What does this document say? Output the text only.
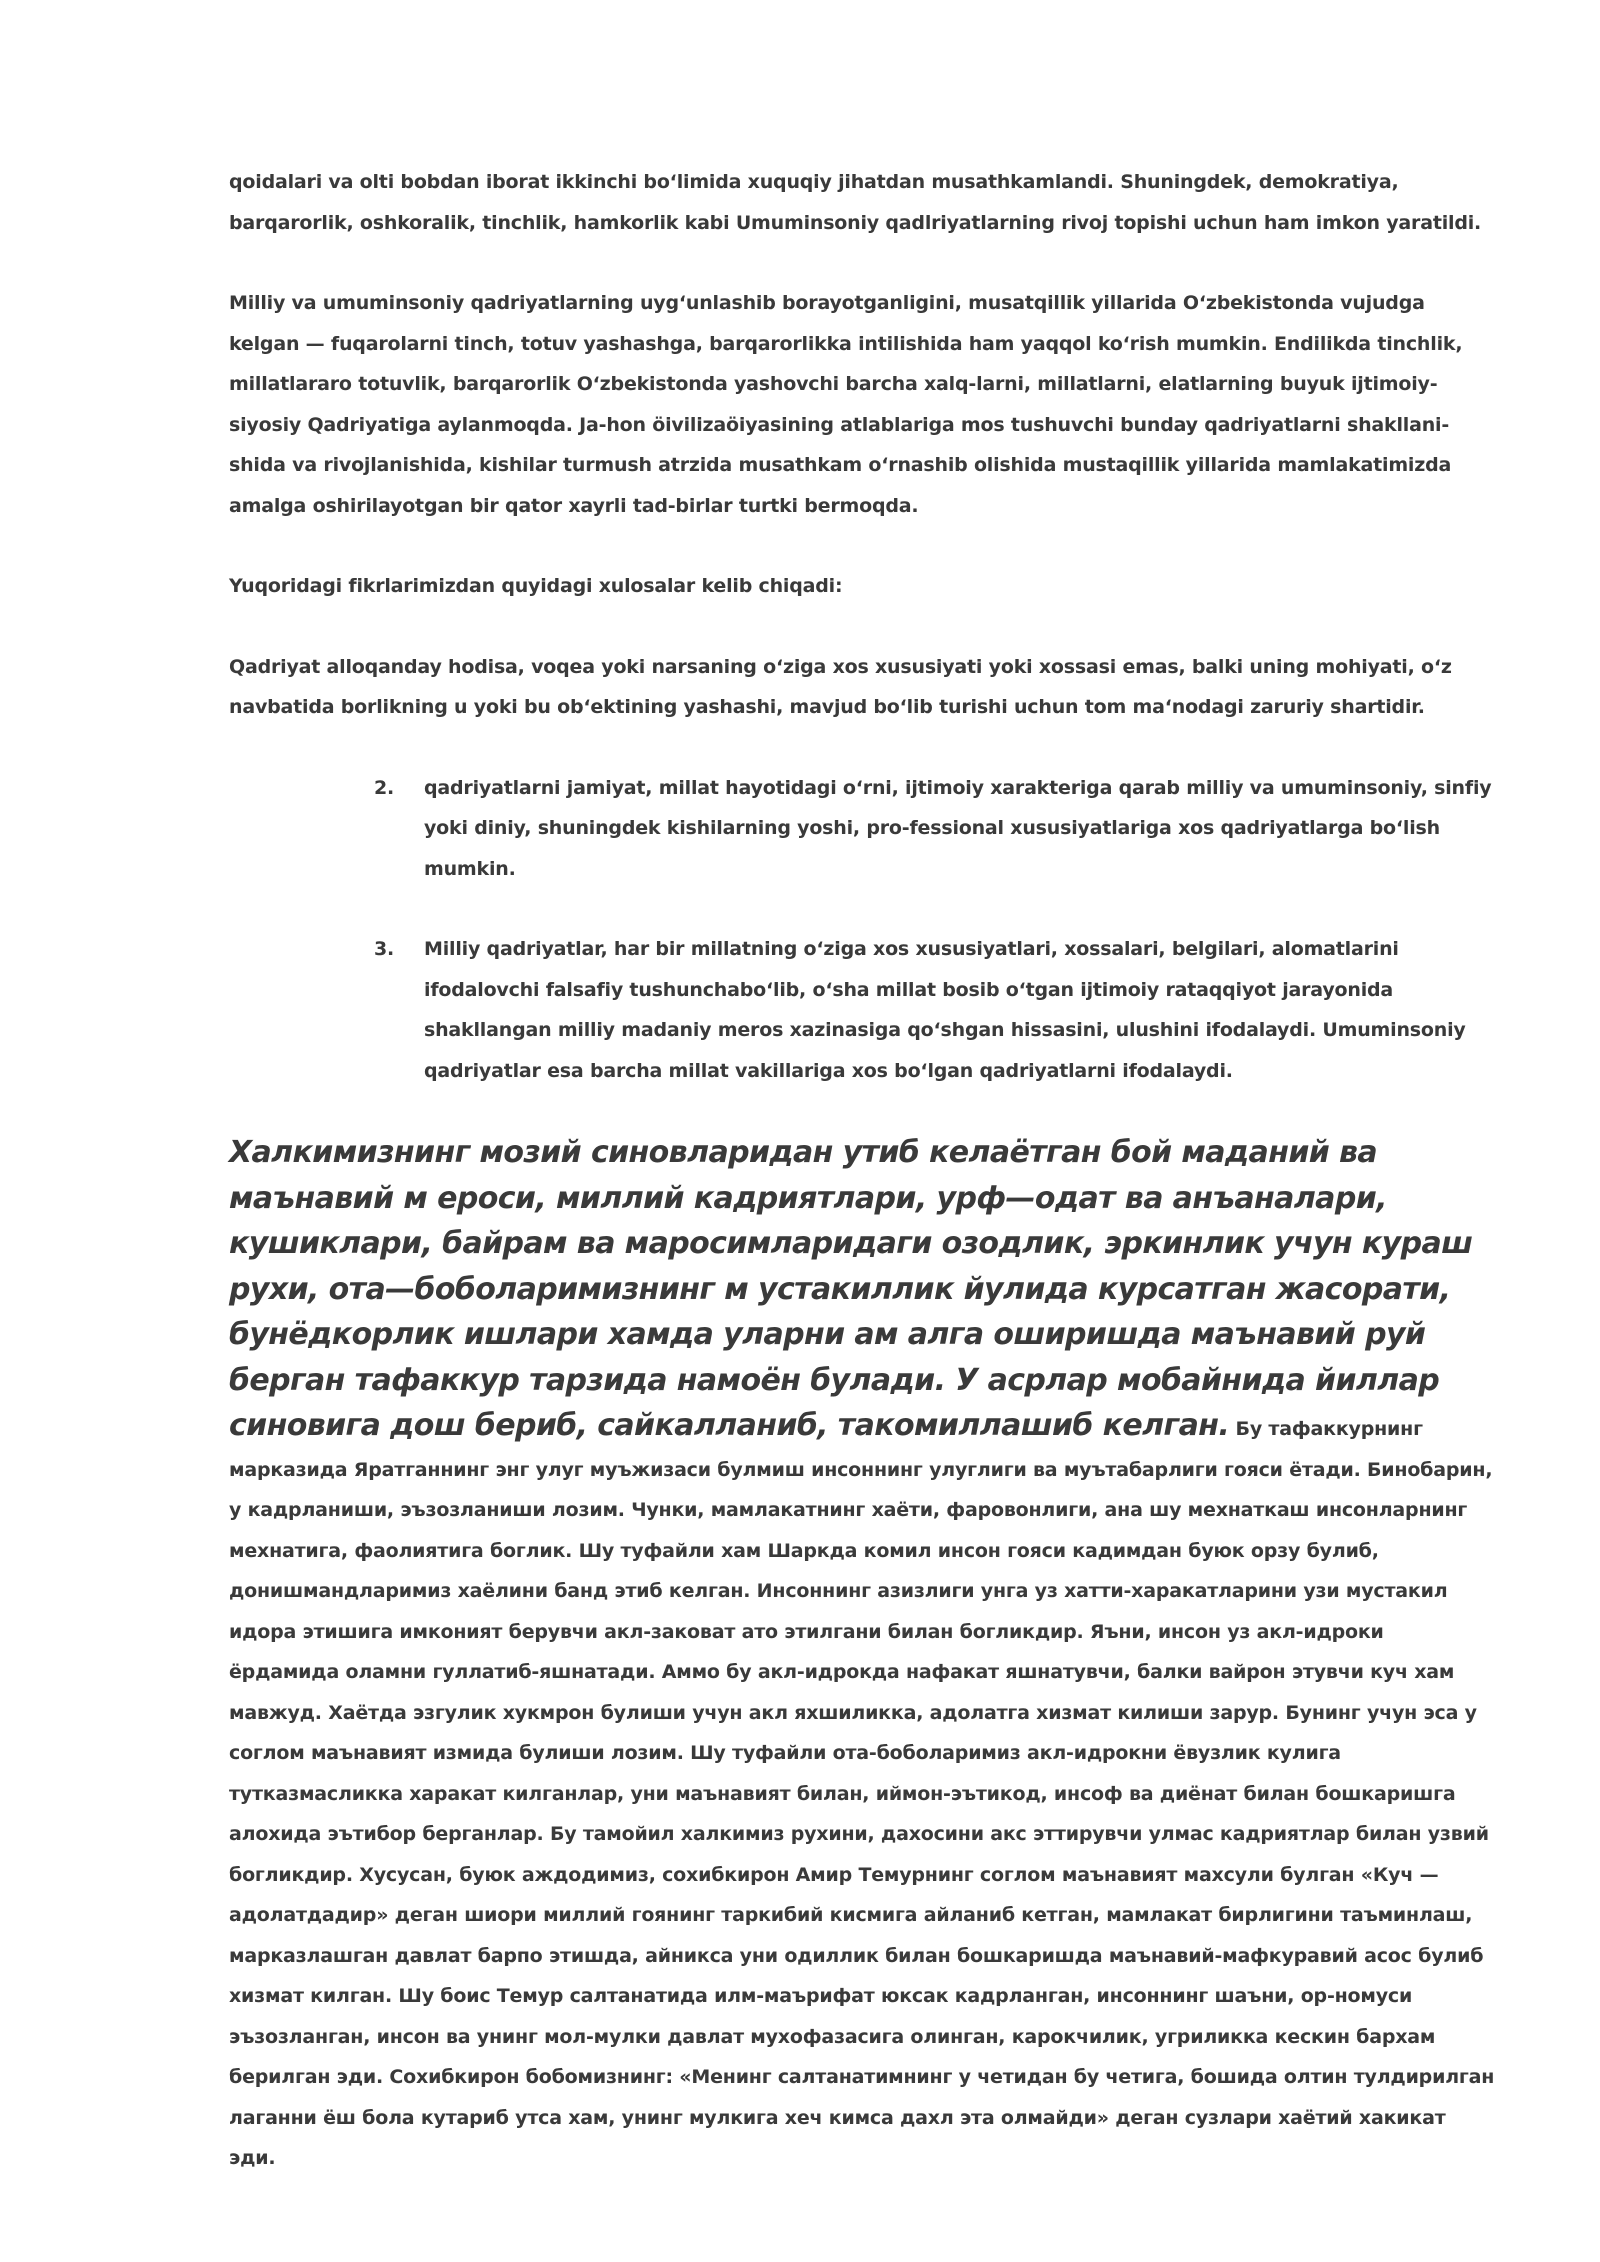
qoidalari va olti bobdan iborat ikkinchi bo‘limida xuquqiy jihatdan musathkamlandi. Shuningdek, demokratiya, barqarorlik, oshkoralik, tinchlik, hamkorlik kabi Umuminsoniy qadlriyatlarning rivoj topishi uchun ham imkon yaratildi.

Milliy va umuminsoniy qadriyatlarning uyg‘unlashib borayotganligini, musatqillik yillarida O‘zbekistonda vujudga kelgan — fuqarolarni tinch, totuv yashashga, barqarorlikka intilishida ham yaqqol ko‘rish mumkin. Endilikda tinchlik, millatlararo totuvlik, barqarorlik O‘zbekistonda yashovchi barcha xalq-larni, millatlarni, elatlarning buyuk ijtimoiy-siyosiy Qadriyatiga aylanmoqda. Ja-hon öivilizaöiyasining atlablariga mos tushuvchi bunday qadriyatlarni shakllani-shida va rivojlanishida, kishilar turmush atrzida musathkam o‘rnashib olishida mustaqillik yillarida mamlakatimizda amalga oshirilayotgan bir qator xayrli tad-birlar turtki bermoqda.

Yuqoridagi fikrlarimizdan quyidagi xulosalar kelib chiqadi:

Qadriyat alloqanday hodisa, voqea yoki narsaning o‘ziga xos xususiyati yoki xossasi emas, balki uning mohiyati, o‘z navbatida borlikning u yoki bu ob‘ektining yashashi, mavjud bo‘lib turishi uchun tom ma‘nodagi zaruriy shartidir.

2. qadriyatlarni jamiyat, millat hayotidagi o‘rni, ijtimoiy xarakteriga qarab milliy va umuminsoniy, sinfiy yoki diniy, shuningdek kishilarning yoshi, pro-fessional xususiyatlariga xos qadriyatlarga bo‘lish mumkin.
3. Milliy qadriyatlar, har bir millatning o‘ziga xos xususiyatlari, xossalari, belgilari, alomatlarini ifodalovchi falsafiy tushunchabo‘lib, o‘sha millat bosib o‘tgan ijtimoiy rataqqiyot jarayonida shakllangan milliy madaniy meros xazinasiga qo‘shgan hissasini, ulushini ifodalaydi. Umuminsoniy qadriyatlar esa barcha millat vakillariga xos bo‘lgan qadriyatlarni ifodalaydi.

Халкимизнинг мозий синовларидан утиб келаётган бой маданий ва маънавий м ероси, миллий кадриятлари, урф—одат ва анъаналари, кушиклари, байрам ва маросимларидаги озодлик, эркинлик учун кураш рухи, ота—боболаримизнинг м устакиллик йулида курсатган жасорати, бунёдкорлик ишлари хамда уларни ам алга оширишда маънавий руй берган тафаккур тарзида намоён булади. У асрлар мобайнида йиллар синовига дош бериб, сайкалланиб, такомиллашиб келган. Бу тафаккурнинг марказида Яратганнинг энг улуг муъжизаси булмиш инсоннинг улуглиги ва муътабарлиги гояси ётади. Бинобарин, у кадрланиши, эъзозланиши лозим. Чунки, мамлакатнинг хаёти, фаровонлиги, ана шу мехнаткаш инсонларнинг мехнатига, фаолиятига боглик. Шу туфайли хам Шаркда комил инсон гояси кадимдан буюк орзу булиб, донишмандларимиз хаёлини банд этиб келган. Инсоннинг азизлиги унга уз хатти-харакатларини узи мустакил идора этишига имконият берувчи акл-заковат ато этилгани билан богликдир. Яъни, инсон уз акл-идроки ёрдамида оламни гуллатиб-яшнатади. Аммо бу акл-идрокда нафакат яшнатувчи, балки вайрон этувчи куч хам мавжуд. Хаётда эзгулик хукмрон булиши учун акл яхшиликка, адолатга хизмат килиши зарур. Бунинг учун эса у соглом маънавият измида булиши лозим. Шу туфайли ота-боболаримиз акл-идрокни ёвузлик кулига тутказмасликка харакат килганлар, уни маънавият билан, иймон-эътикод, инсоф ва диёнат билан бошкаришга алохида эътибор берганлар. Бу тамойил халкимиз рухини, дахосини акс эттирувчи улмас кадриятлар билан узвий богликдир. Хусусан, буюк аждодимиз, сохибкирон Амир Темурнинг соглом маънавият махсули булган «Куч — адолатдадир» деган шиори миллий гоянинг таркибий кисмига айланиб кетган, мамлакат бирлигини таъминлаш, марказлашган давлат барпо этишда, айникса уни одиллик билан бошкаришда маънавий-мафкуравий асос булиб хизмат килган. Шу боис Темур салтанатида илм-маърифат юксак кадрланган, инсоннинг шаъни, ор-номуси эъзозланган, инсон ва унинг мол-мулки давлат мухофазасига олинган, карокчилик, угриликка кескин бархам берилган эди. Сохибкирон бобомизнинг: «Менинг салтанатимнинг у четидан бу четига, бошида олтин тулдирилган лаганни ёш бола кутариб утса хам, унинг мулкига хеч кимса дахл эта олмайди» деган сузлари хаётий хакикат эди.
